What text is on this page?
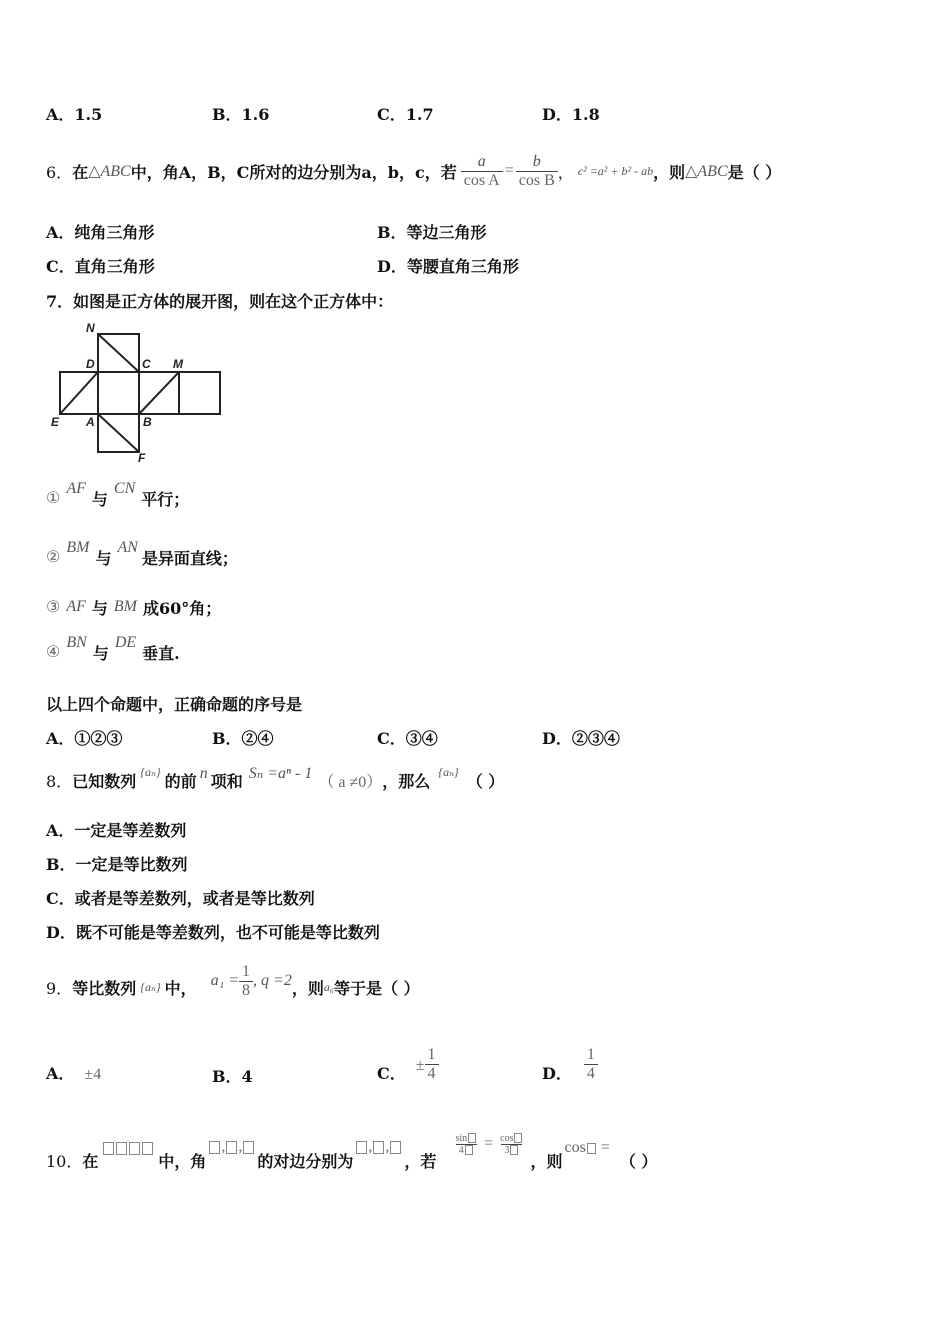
A．1.5	B．1.6	C．1.7	D．1.8
6． 在 △ABC 中，角A，B，C所对的边分别为a，b，c，若 $\frac{a}{\text{cos A}} = \frac{b}{\text{cos B}}$ ， c² =a² + b² - ab ，则 △ABC 是（ ）
A．纯角三角形	B．等边三角形
C．直角三角形	D．等腰直角三角形
7．如图是正方体的展开图，则在这个正方体中：
N
D	C M
E A	B
F
①
AF
与
CN
平行；
②
BM
与
AN
是异面直线；
③ AF 与 BM 成60°角；
④
BN
与
DE
垂直.
以上四个命题中，正确命题的序号是
A．①②③	B．②④	C．③④	D．②③④
8． 已知数列 {aₙ} 的前 n 项和 Sₙ =aⁿ - 1 （ a ≠0） ，那么 {aₙ} （ ）
A．一定是等差数列
B．一定是等比数列
C．或者是等差数列，或者是等比数列
D．既不可能是等差数列，也不可能是等比数列
9． 等比数列 {aₙ} 中， $a_1 = \frac{1}{8}$ , q =2 ，则 a₆ 等于是（ ）
A． ±4	B．4	C． ± $\frac{1}{4}$	D． $\frac{1}{4}$
10． 在	中，角
, ,
的对边分别为
, ,
，若
$\frac{\sin}{4} = \frac{\cos}{3}$
，则
cos =
（ ）
